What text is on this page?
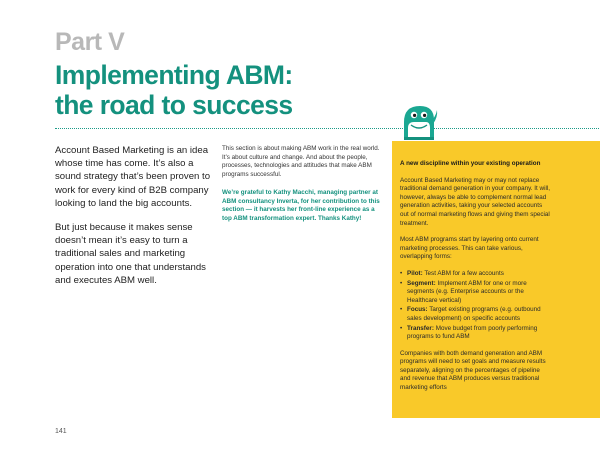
Part V
Implementing ABM:
the road to success

Account Based Marketing is an idea whose time has come. It’s also a sound strategy that’s been proven to work for every kind of B2B company looking to land the big accounts.

But just because it makes sense doesn’t mean it’s easy to turn a traditional sales and marketing operation into one that understands and executes ABM well.

This section is about making ABM work in the real world. It’s about culture and change. And about the people, processes, technologies and attitudes that make ABM programs successful.

We’re grateful to Kathy Macchi, managing partner at ABM consultancy Inverta, for her contribution to this section — it harvests her front-line experience as a top ABM transformation expert. Thanks Kathy!

A new discipline within your existing operation

Account Based Marketing may or may not replace traditional demand generation in your company. It will, however, always be able to complement normal lead generation activities, taking your selected accounts out of normal marketing flows and giving them special treatment.

Most ABM programs start by layering onto current marketing processes. This can take various, overlapping forms:

• Pilot: Test ABM for a few accounts
• Segment: Implement ABM for one or more segments (e.g. Enterprise accounts or the Healthcare vertical)
• Focus: Target existing programs (e.g. outbound sales development) on specific accounts
• Transfer: Move budget from poorly performing programs to fund ABM

Companies with both demand generation and ABM programs will need to set goals and measure results separately, aligning on the percentages of pipeline and revenue that ABM produces versus traditional marketing efforts

141
